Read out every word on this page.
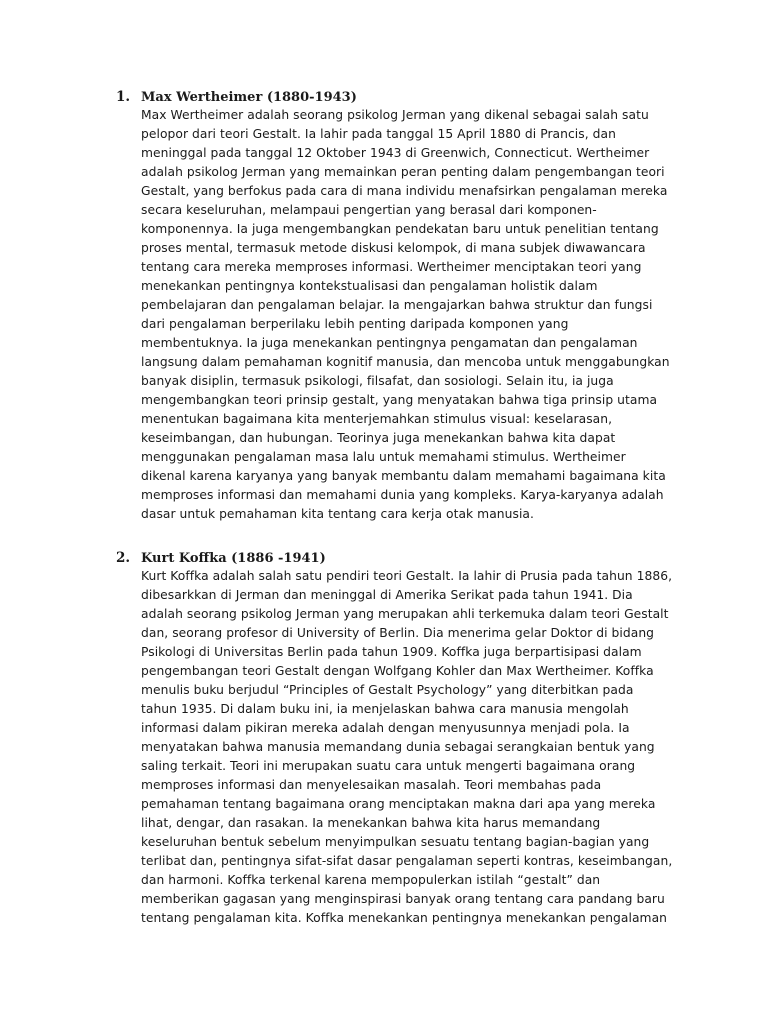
1. Max Wertheimer (1880-1943)
Max Wertheimer adalah seorang psikolog Jerman yang dikenal sebagai salah satu
pelopor dari teori Gestalt. Ia lahir pada tanggal 15 April 1880 di Prancis, dan
meninggal pada tanggal 12 Oktober 1943 di Greenwich, Connecticut. Wertheimer
adalah psikolog Jerman yang memainkan peran penting dalam pengembangan teori
Gestalt, yang berfokus pada cara di mana individu menafsirkan pengalaman mereka
secara keseluruhan, melampaui pengertian yang berasal dari komponen-
komponennya. Ia juga mengembangkan pendekatan baru untuk penelitian tentang
proses mental, termasuk metode diskusi kelompok, di mana subjek diwawancara
tentang cara mereka memproses informasi. Wertheimer menciptakan teori yang
menekankan pentingnya kontekstualisasi dan pengalaman holistik dalam
pembelajaran dan pengalaman belajar. Ia mengajarkan bahwa struktur dan fungsi
dari pengalaman berperilaku lebih penting daripada komponen yang
membentuknya. Ia juga menekankan pentingnya pengamatan dan pengalaman
langsung dalam pemahaman kognitif manusia, dan mencoba untuk menggabungkan
banyak disiplin, termasuk psikologi, filsafat, dan sosiologi. Selain itu, ia juga
mengembangkan teori prinsip gestalt, yang menyatakan bahwa tiga prinsip utama
menentukan bagaimana kita menterjemahkan stimulus visual: keselarasan,
keseimbangan, dan hubungan. Teorinya juga menekankan bahwa kita dapat
menggunakan pengalaman masa lalu untuk memahami stimulus. Wertheimer
dikenal karena karyanya yang banyak membantu dalam memahami bagaimana kita
memproses informasi dan memahami dunia yang kompleks. Karya-karyanya adalah
dasar untuk pemahaman kita tentang cara kerja otak manusia.
2. Kurt Koffka (1886 -1941)
Kurt Koffka adalah salah satu pendiri teori Gestalt. Ia lahir di Prusia pada tahun 1886,
dibesarkkan di Jerman dan meninggal di Amerika Serikat pada tahun 1941. Dia
adalah seorang psikolog Jerman yang merupakan ahli terkemuka dalam teori Gestalt
dan, seorang profesor di University of Berlin. Dia menerima gelar Doktor di bidang
Psikologi di Universitas Berlin pada tahun 1909. Koffka juga berpartisipasi dalam
pengembangan teori Gestalt dengan Wolfgang Kohler dan Max Wertheimer. Koffka
menulis buku berjudul “Principles of Gestalt Psychology” yang diterbitkan pada
tahun 1935. Di dalam buku ini, ia menjelaskan bahwa cara manusia mengolah
informasi dalam pikiran mereka adalah dengan menyusunnya menjadi pola. Ia
menyatakan bahwa manusia memandang dunia sebagai serangkaian bentuk yang
saling terkait. Teori ini merupakan suatu cara untuk mengerti bagaimana orang
memproses informasi dan menyelesaikan masalah. Teori membahas pada
pemahaman tentang bagaimana orang menciptakan makna dari apa yang mereka
lihat, dengar, dan rasakan. Ia menekankan bahwa kita harus memandang
keseluruhan bentuk sebelum menyimpulkan sesuatu tentang bagian-bagian yang
terlibat dan, pentingnya sifat-sifat dasar pengalaman seperti kontras, keseimbangan,
dan harmoni. Koffka terkenal karena mempopulerkan istilah “gestalt” dan
memberikan gagasan yang menginspirasi banyak orang tentang cara pandang baru
tentang pengalaman kita. Koffka menekankan pentingnya menekankan pengalaman
